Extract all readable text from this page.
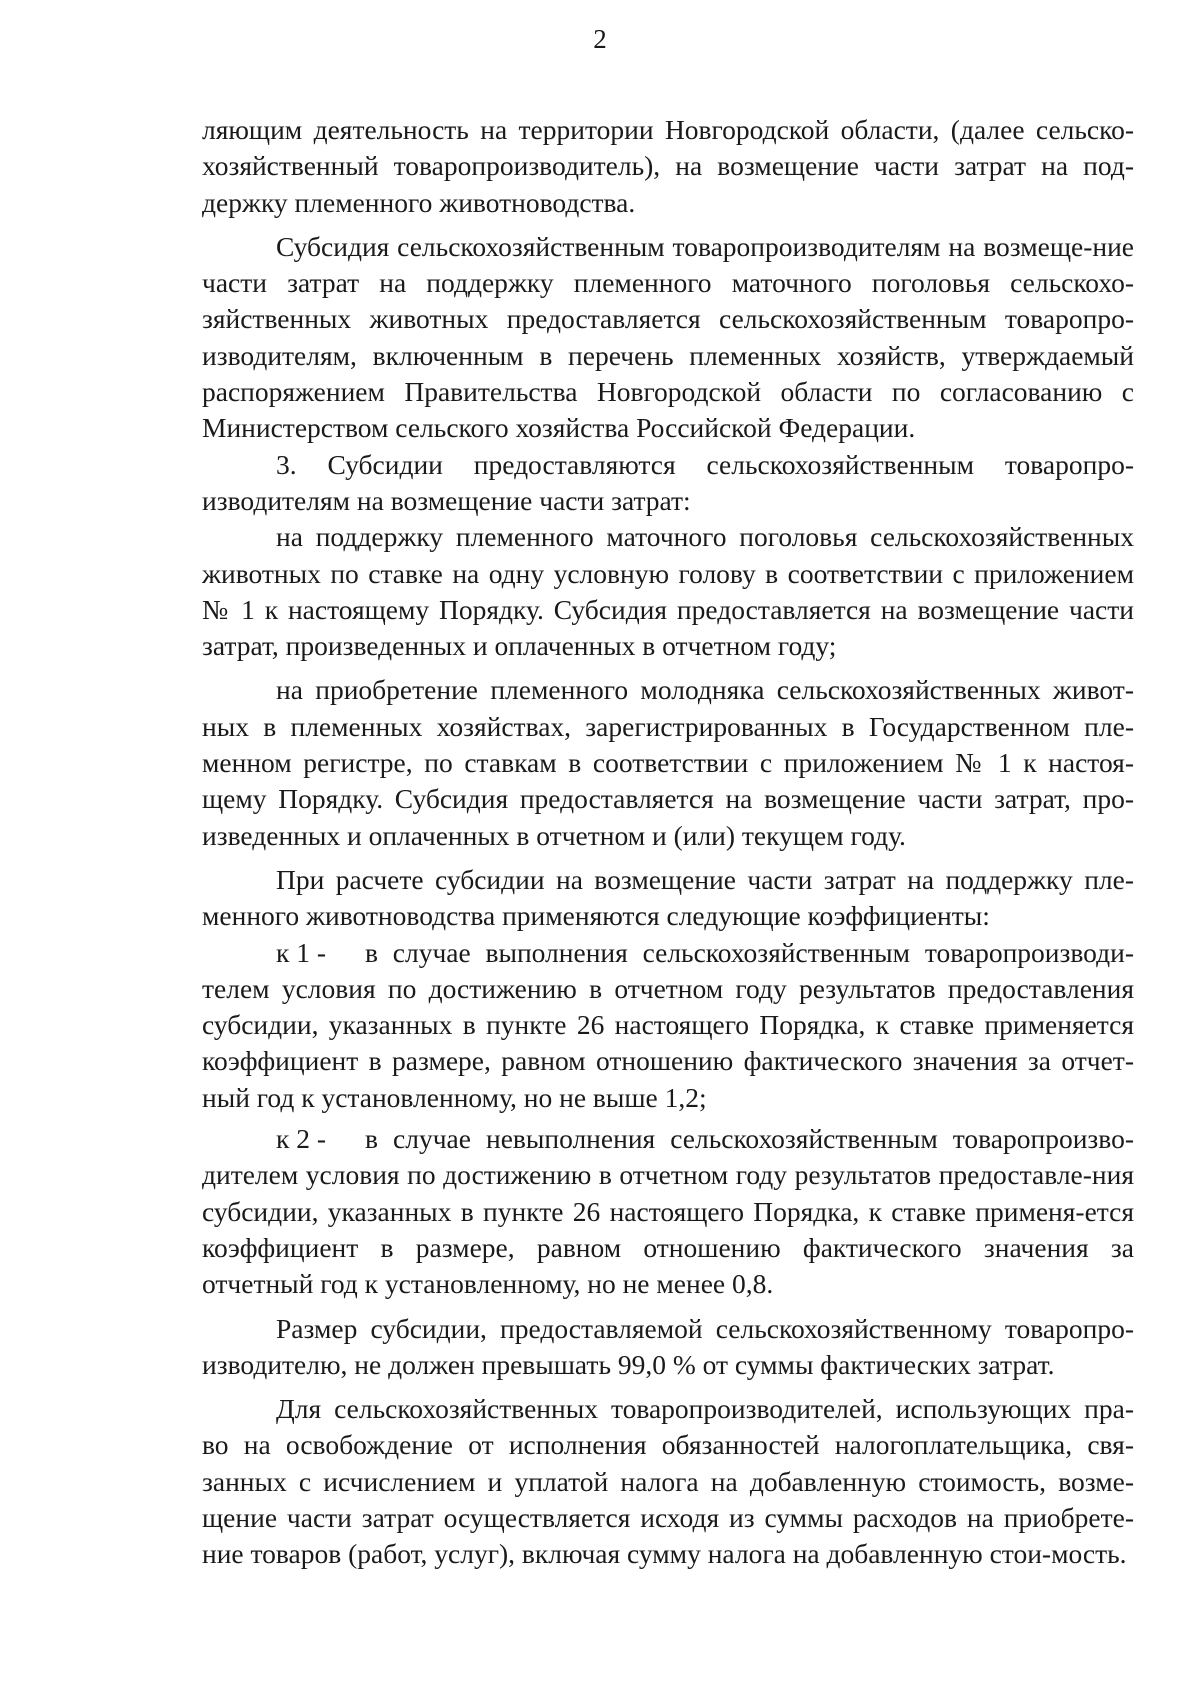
2

ляющим деятельность на территории Новгородской области, (далее сельско-хозяйственный товаропроизводитель), на возмещение части затрат на под-держку племенного животноводства.

Субсидия сельскохозяйственным товаропроизводителям на возмеще-ние части затрат на поддержку племенного маточного поголовья сельскохо-зяйственных животных предоставляется сельскохозяйственным товаропро-изводителям, включенным в перечень племенных хозяйств, утверждаемый распоряжением Правительства Новгородской области по согласованию с Министерством сельского хозяйства Российской Федерации.

3. Субсидии предоставляются сельскохозяйственным товаропро-изводителям на возмещение части затрат:

на поддержку племенного маточного поголовья сельскохозяйственных животных по ставке на одну условную голову в соответствии с приложением № 1 к настоящему Порядку. Субсидия предоставляется на возмещение части затрат, произведенных и оплаченных в отчетном году;

на приобретение племенного молодняка сельскохозяйственных живот-ных в племенных хозяйствах, зарегистрированных в Государственном пле-менном регистре, по ставкам в соответствии с приложением № 1 к настоя-щему Порядку. Субсидия предоставляется на возмещение части затрат, про-изведенных и оплаченных в отчетном и (или) текущем году.

При расчете субсидии на возмещение части затрат на поддержку пле-менного животноводства применяются следующие коэффициенты:

к 1 - в случае выполнения сельскохозяйственным товаропроизводи-телем условия по достижению в отчетном году результатов предоставления субсидии, указанных в пункте 26 настоящего Порядка, к ставке применяется коэффициент в размере, равном отношению фактического значения за отчет-ный год к установленному, но не выше 1,2;

к 2 - в случае невыполнения сельскохозяйственным товаропроизво-дителем условия по достижению в отчетном году результатов предоставле-ния субсидии, указанных в пункте 26 настоящего Порядка, к ставке применя-ется коэффициент в размере, равном отношению фактического значения за отчетный год к установленному, но не менее 0,8.

Размер субсидии, предоставляемой сельскохозяйственному товаропро-изводителю, не должен превышать 99,0 % от суммы фактических затрат.

Для сельскохозяйственных товаропроизводителей, использующих пра-во на освобождение от исполнения обязанностей налогоплательщика, свя-занных с исчислением и уплатой налога на добавленную стоимость, возме-щение части затрат осуществляется исходя из суммы расходов на приобрете-ние товаров (работ, услуг), включая сумму налога на добавленную стои-мость.
